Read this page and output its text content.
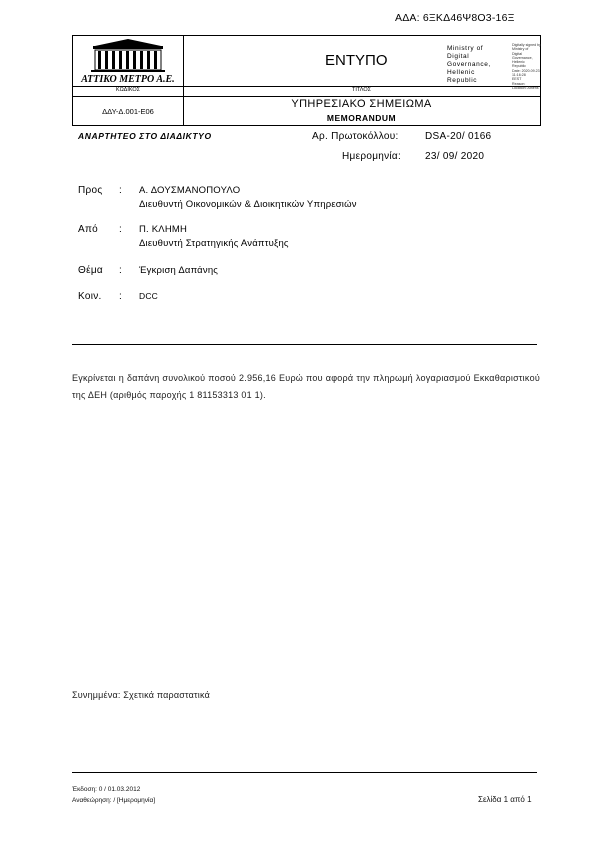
ΑΔΑ: 6ΞΚΔ46Ψ8Ο3-16Ξ
ΑΤΤΙΚΟ ΜΕΤΡΟ Α.Ε.
ΕΝΤΥΠΟ
Ministry of Digital
Governance,
Hellenic Republic
Digitally signed by Ministry of
Digital Governance, Hellenic
Republic
Date: 2020.09.23 11:16:28
EEST
Reason:
Location: Athens
ΚΩΔΙΚΟΣ	ΤΙΤΛΟΣ
ΔΔΥ-Δ.001-Ε06
ΥΠΗΡΕΣΙΑΚΟ ΣΗΜΕΙΩΜΑ
MEMORANDUM
ΑΝΑΡΤΗΤΕΟ ΣΤΟ ΔΙΑΔΙΚΤΥΟ	Αρ. Πρωτοκόλλου:	DSA-20/ 0166
Ημερομηνία: 23/ 09/ 2020
Προς : Α. ΔΟΥΣΜΑΝΟΠΟΥΛΟ
Διευθυντή Οικονομικών & Διοικητικών Υπηρεσιών
Από : Π. ΚΛΗΜΗ
Διευθυντή Στρατηγικής Ανάπτυξης
Θέμα : Έγκριση Δαπάνης
Κοιν. : DCC
Εγκρίνεται η δαπάνη συνολικού ποσού 2.956,16 Ευρώ που αφορά την πληρωμή λογαριασμού Εκκαθαριστικού της ΔΕΗ (αριθμός παροχής 1 81153313 01 1).
Συνημμένα: Σχετικά παραστατικά
Έκδοση: 0 / 01.03.2012
Αναθεώρηση: / [Ημερομηνία]	Σελίδα 1 από 1
